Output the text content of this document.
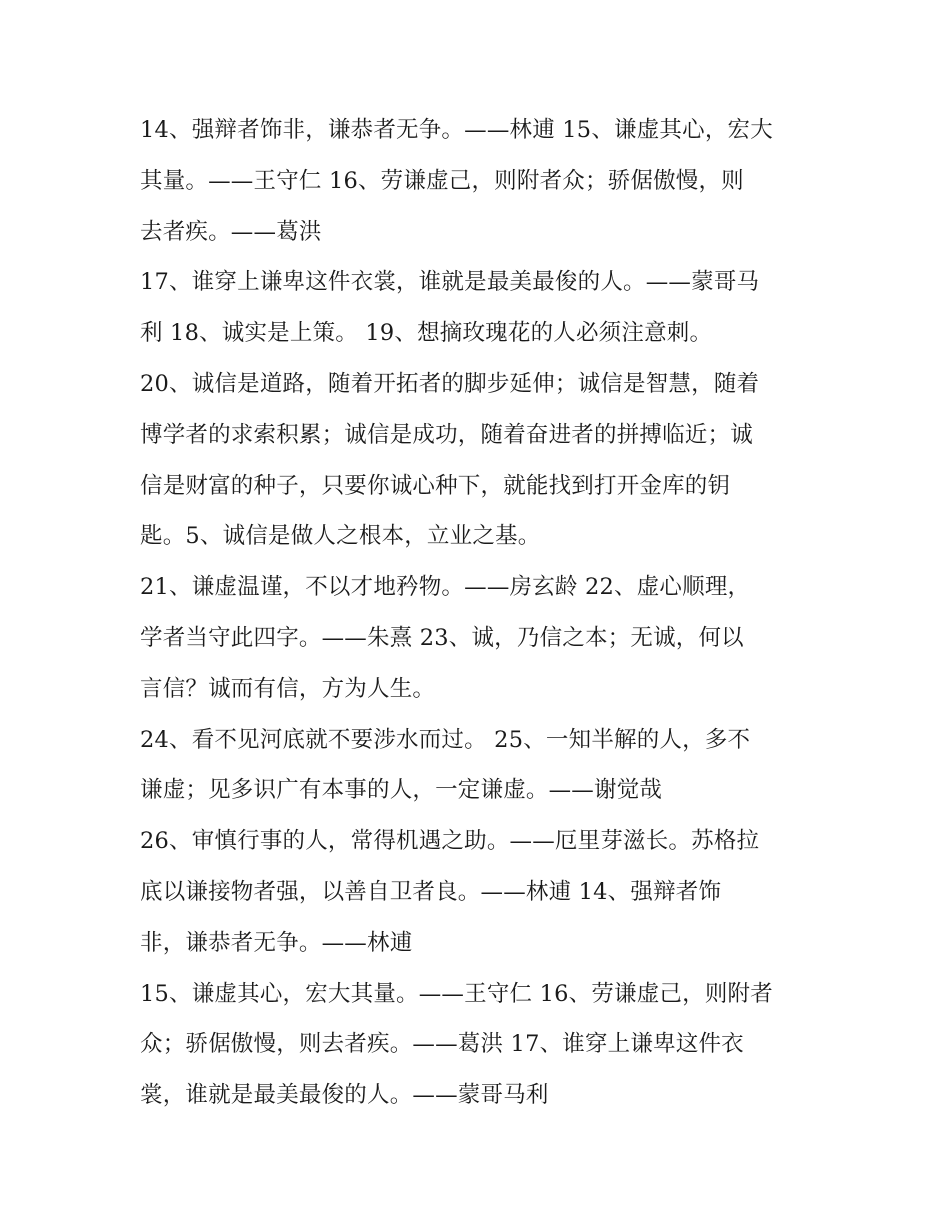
14、强辩者饰非，谦恭者无争。——林逋 15、谦虚其心，宏大
其量。——王守仁 16、劳谦虚己，则附者众；骄倨傲慢，则
去者疾。——葛洪
17、谁穿上谦卑这件衣裳，谁就是最美最俊的人。——蒙哥马
利 18、诚实是上策。 19、想摘玫瑰花的人必须注意刺。
20、诚信是道路，随着开拓者的脚步延伸；诚信是智慧，随着
博学者的求索积累；诚信是成功，随着奋进者的拼搏临近；诚
信是财富的种子，只要你诚心种下，就能找到打开金库的钥
匙。5、诚信是做人之根本，立业之基。
21、谦虚温谨，不以才地矜物。——房玄龄 22、虚心顺理，
学者当守此四字。——朱熹 23、诚，乃信之本；无诚，何以
言信？诚而有信，方为人生。
24、看不见河底就不要涉水而过。 25、一知半解的人，多不
谦虚；见多识广有本事的人，一定谦虚。——谢觉哉
26、审慎行事的人，常得机遇之助。——厄里芽滋长。苏格拉
底以谦接物者强，以善自卫者良。——林逋 14、强辩者饰
非，谦恭者无争。——林逋
15、谦虚其心，宏大其量。——王守仁 16、劳谦虚己，则附者
众；骄倨傲慢，则去者疾。——葛洪 17、谁穿上谦卑这件衣
裳，谁就是最美最俊的人。——蒙哥马利
